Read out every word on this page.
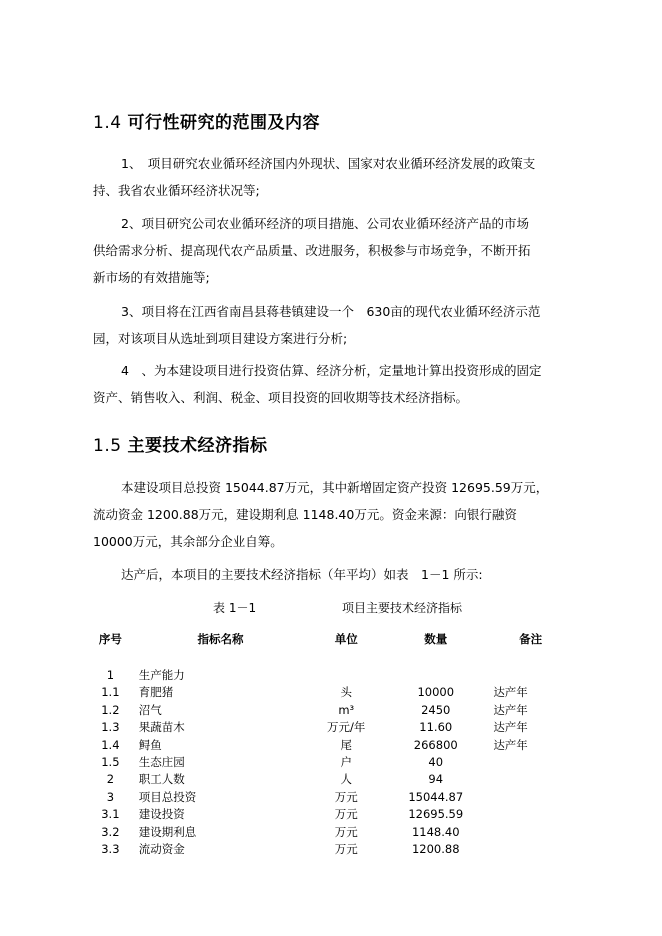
1.4 可行性研究的范围及内容
1、　项目研究农业循环经济国内外现状、国家对农业循环经济发展的政策支
持、我省农业循环经济状况等;
2、项目研究公司农业循环经济的项目措施、公司农业循环经济产品的市场
供给需求分析、提高现代农产品质量、改进服务，积极参与市场竞争，不断开拓
新市场的有效措施等;
3、项目将在江西省南昌县蒋巷镇建设一个　630亩的现代农业循环经济示范
园，对该项目从选址到项目建设方案进行分析;
4　、为本建设项目进行投资估算、经济分析，定量地计算出投资形成的固定
资产、销售收入、利润、税金、项目投资的回收期等技术经济指标。
1.5 主要技术经济指标
本建设项目总投资 15044.87万元，其中新增固定资产投资 12695.59万元，
流动资金 1200.88万元，建设期利息 1148.40万元。资金来源：向银行融资
10000万元，其余部分企业自筹。
达产后，本项目的主要技术经济指标（年平均）如表　1－1 所示:
表 1－1	项目主要技术经济指标
序号	指标名称	单位	数量	备注

1	生产能力			
1.1	育肥猪	头	10000	达产年
1.2	沼气	m³	2450	达产年
1.3	果蔬苗木	万元/年	11.60	达产年
1.4	鲟鱼	尾	266800	达产年
1.5	生态庄园	户	40	
2	职工人数	人	94	
3	项目总投资	万元	15044.87	
3.1	建设投资	万元	12695.59	
3.2	建设期利息	万元	1148.40	
3.3	流动资金	万元	1200.88	
